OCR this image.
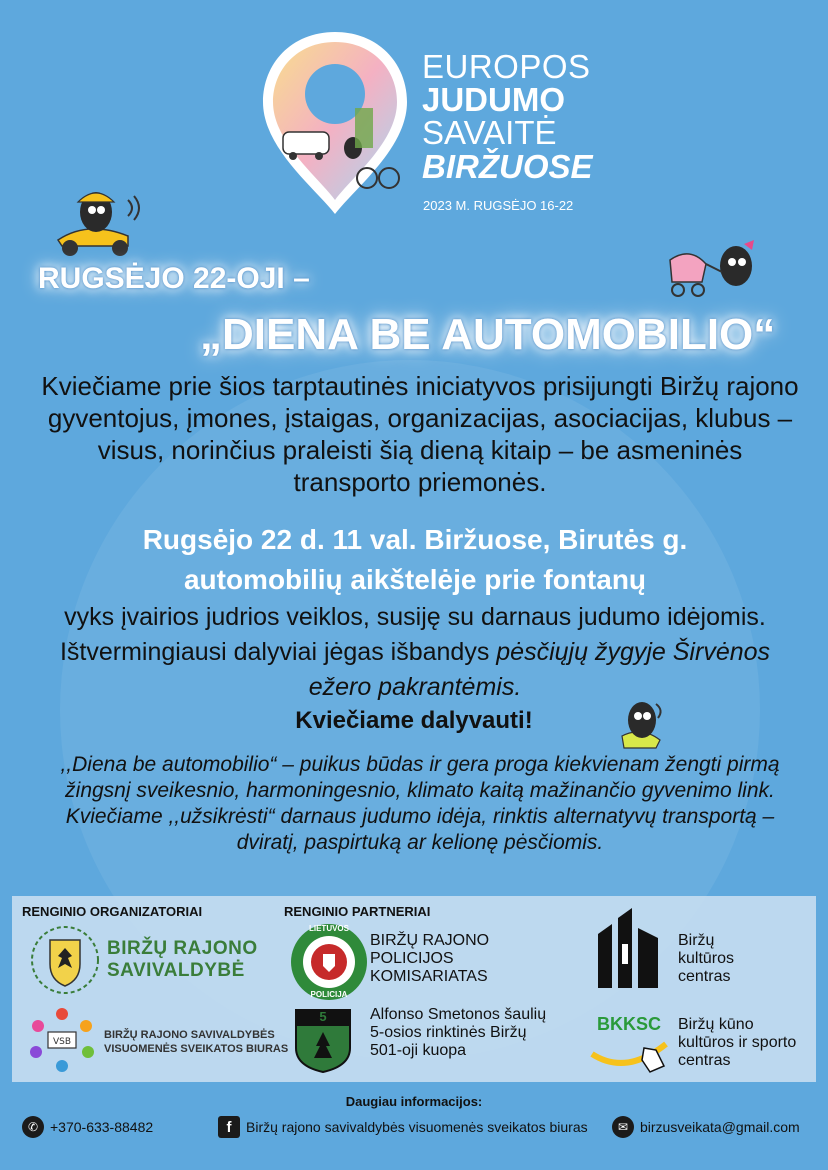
EUROPOS
JUDUMO
SAVAITĖ
BIRŽUOSE
2023 M. RUGSĖJO 16-22
RUGSĖJO 22-OJI –
„DIENA BE AUTOMOBILIO“

Kviečiame prie šios tarptautinės iniciatyvos prisijungti Biržų rajono gyventojus, įmones, įstaigas, organizacijas, asociacijas, klubus – visus, norinčius praleisti šią dieną kitaip – be asmeninės transporto priemonės.

Rugsėjo 22 d. 11 val. Biržuose, Birutės g.
automobilių aikštelėje prie fontanų
vyks įvairios judrios veiklos, susiję su darnaus judumo idėjomis. Ištvermingiausi dalyviai jėgas išbandys pėsčiųjų žygyje Širvėnos ežero pakrantėmis.
Kviečiame dalyvauti!

,,Diena be automobilio“ – puikus būdas ir gera proga kiekvienam žengti pirmą žingsnį sveikesnio, harmoningesnio, klimato kaitą mažinančio gyvenimo link. Kviečiame ,,užsikrėsti“ darnaus judumo idėja, rinktis alternatyvų transportą – dviratį, paspirtuką ar kelionę pėsčiomis.

RENGINIO ORGANIZATORIAI	RENGINIO PARTNERIAI
BIRŽŲ RAJONO
SAVIVALDYBĖ
VSB
BIRŽŲ RAJONO SAVIVALDYBĖS
VISUOMENĖS SVEIKATOS BIURAS
LIETUVOS
POLICIJA
BIRŽŲ RAJONO
POLICIJOS
KOMISARIATAS
5	Alfonso Smetonos šaulių
5-osios rinktinės Biržų
501-oji kuopa
Biržų
kultūros
centras
BKKSC	Biržų kūno
kultūros ir sporto
centras
Daugiau informacijos:
✆ +370-633-88482	f	Biržų rajono savivaldybės visuomenės sveikatos biuras	✉ birzusveikata@gmail.com
